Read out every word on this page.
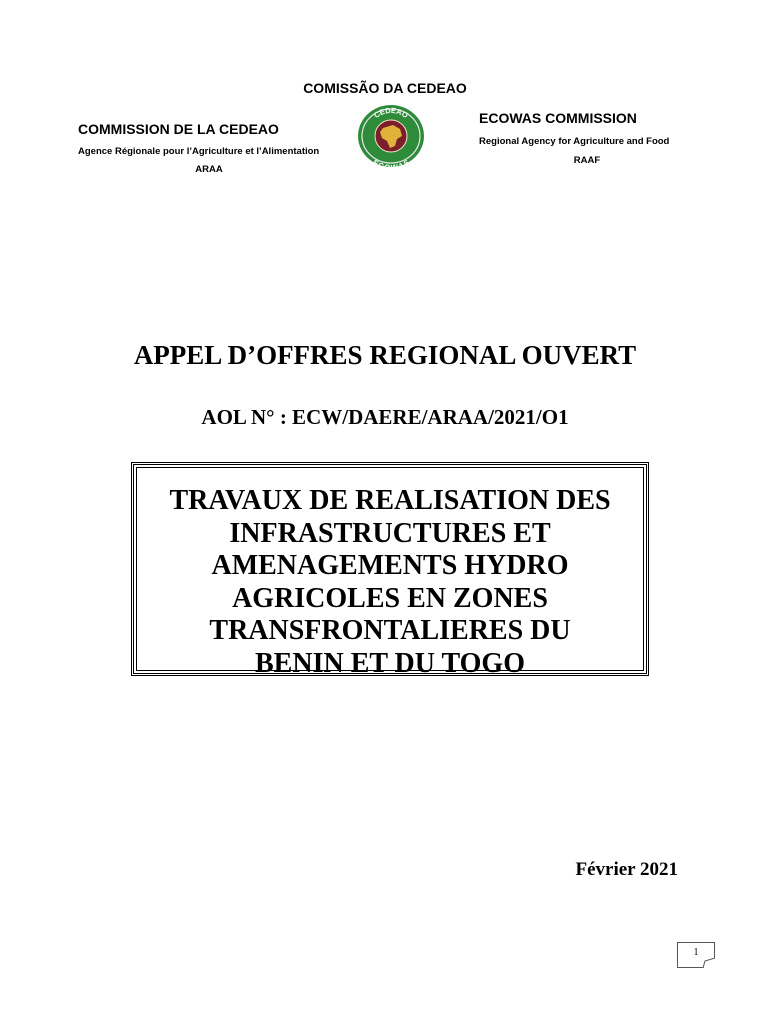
COMISSÃO DA CEDEAO
COMMISSION DE LA CEDEAO
Agence Régionale pour l’Agriculture et l’Alimentation
ARAA
ECOWAS COMMISSION
Regional Agency for Agriculture and Food
RAAF
CEDEAO
ECOWAS
APPEL D’OFFRES REGIONAL OUVERT
AOL N° : ECW/DAERE/ARAA/2021/O1
TRAVAUX DE REALISATION DES
INFRASTRUCTURES ET
AMENAGEMENTS HYDRO
AGRICOLES EN ZONES
TRANSFRONTALIERES DU
BENIN ET DU TOGO
Février 2021
1
